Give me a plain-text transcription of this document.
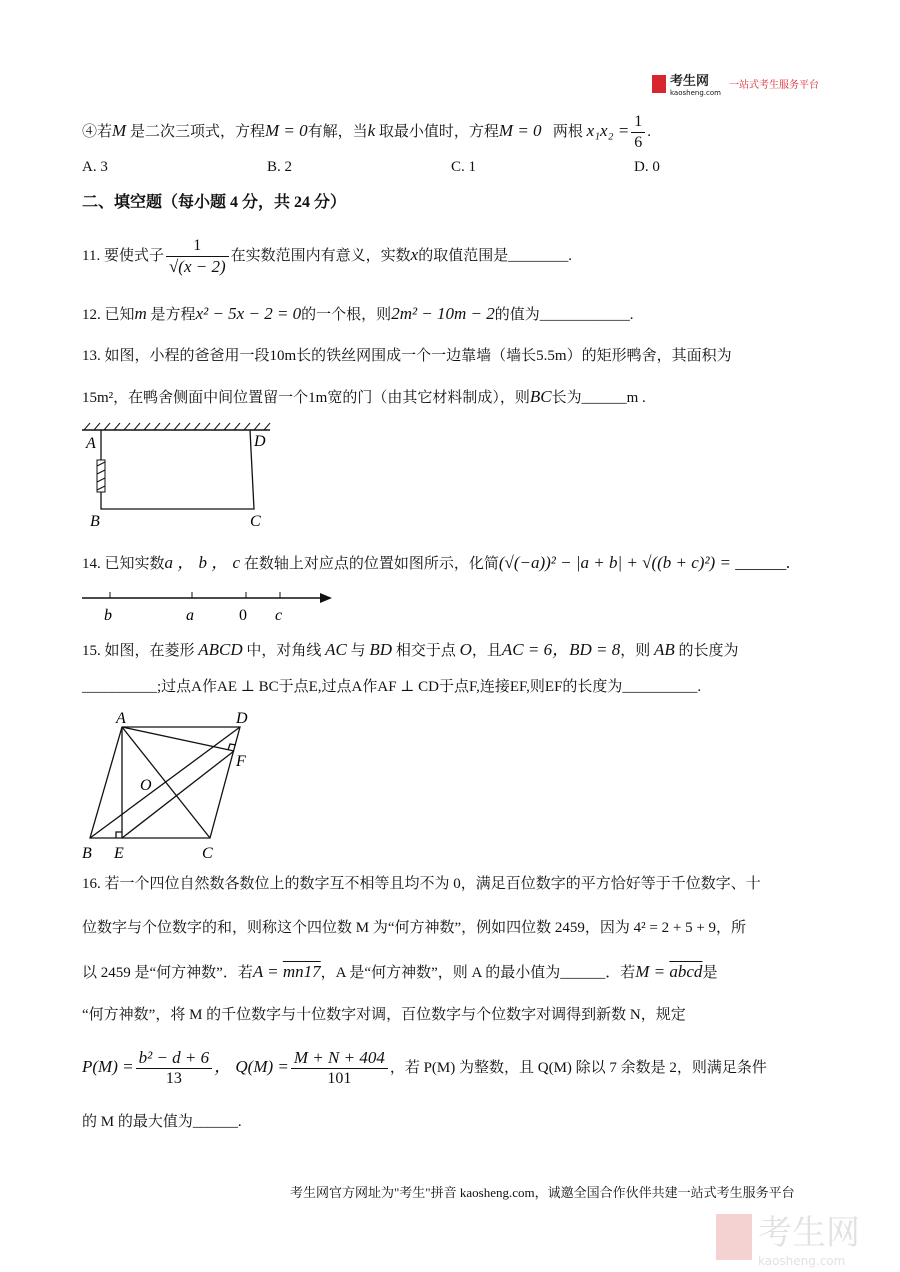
考生网
kaosheng.com
一站式考生服务平台
④若M 是二次三项式，方程M = 0有解，当k 取最小值时，方程M = 0 两根 $x_1x_2 = \frac{1}{6}$ .
A. 3	B. 2	C. 1	D. 0
二、填空题（每小题 4 分，共 24 分）
11. 要使式子 $\frac{1}{√(x - 2)}$ 在实数范围内有意义，实数x的取值范围是________.
12. 已知m 是方程x² − 5x − 2 = 0的一个根，则2m² − 10m − 2的值为____________.
13. 如图，小程的爸爸用一段10m长的铁丝网围成一个一边靠墙（墙长5.5m）的矩形鸭舍，其面积为
15m²，在鸭舍侧面中间位置留一个1m宽的门（由其它材料制成），则BC长为______m .
A	D
B	C
14. 已知实数a ， b ， c 在数轴上对应点的位置如图所示，化简(√(−a))² − |a + b| + √((b + c)²) = ______.
b	a	0 c
15. 如图，在菱形 ABCD 中，对角线 AC 与 BD 相交于点 O，且AC = 6，BD = 8，则 AB 的长度为
__________;过点A作AE ⊥ BC于点E,过点A作AF ⊥ CD于点F,连接EF,则EF的长度为__________.
A	D
F
O
B E	C
16. 若一个四位自然数各数位上的数字互不相等且均不为 0，满足百位数字的平方恰好等于千位数字、十
位数字与个位数字的和，则称这个四位数 M 为“何方神数”，例如四位数 2459，因为 4² = 2 + 5 + 9，所
以 2459 是“何方神数”．若A = mn17，A 是“何方神数”，则 A 的最小值为______．若M = abcd是
“何方神数”，将 M 的千位数字与十位数字对调，百位数字与个位数字对调得到新数 N，规定
$P(M) = \frac{\text{b² − d + 6}}{13}$ ， $Q(M) = \frac{M + N + 404}{101}$ ，若 P(M) 为整数，且 Q(M) 除以 7 余数是 2，则满足条件
的 M 的最大值为______.
考生网官方网址为"考生"拼音 kaosheng.com，诚邀全国合作伙伴共建一站式考生服务平台
考生网
kaosheng.com
